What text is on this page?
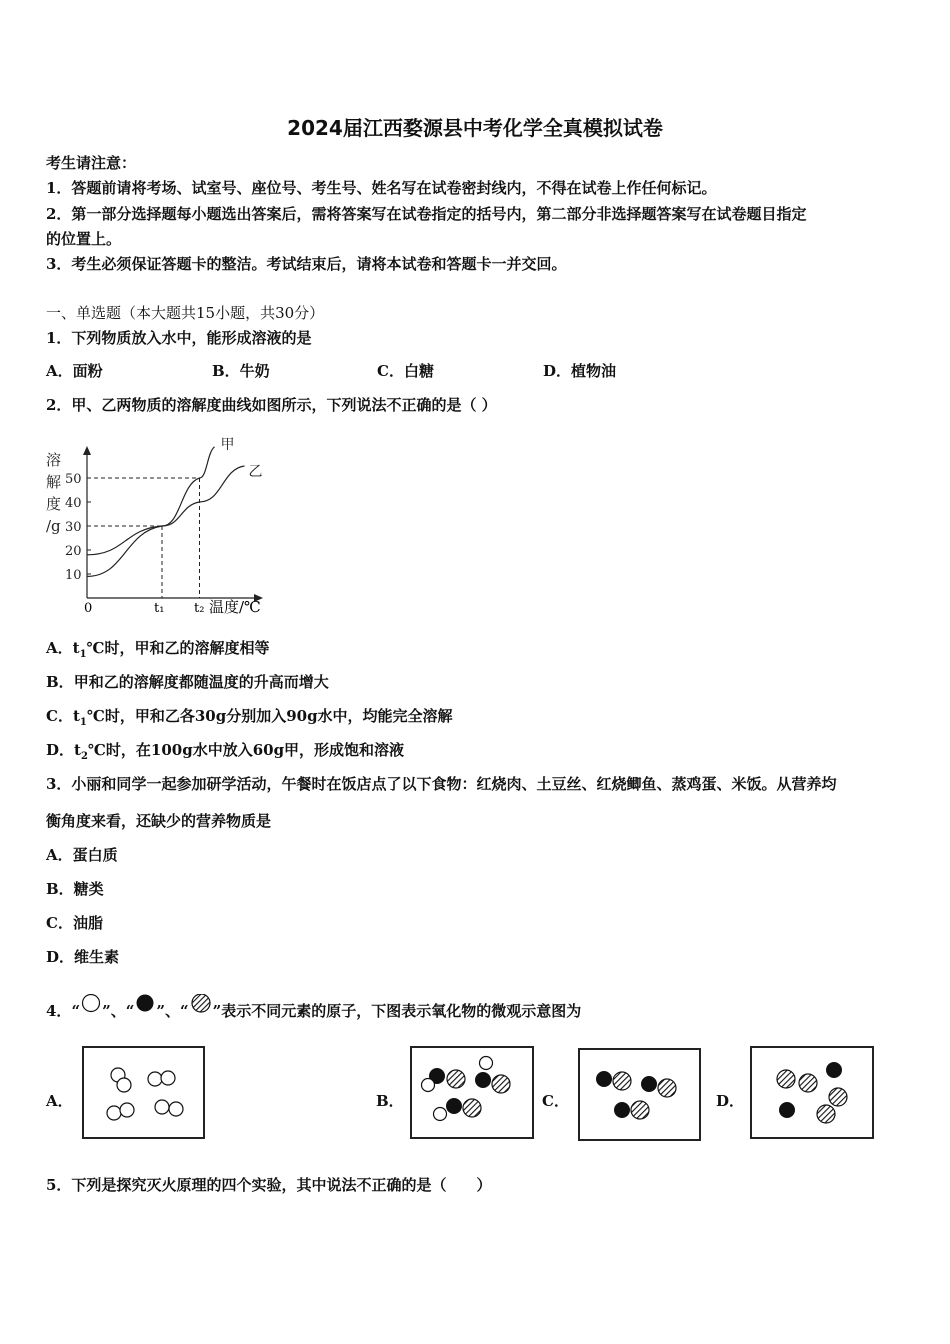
2024届江西婺源县中考化学全真模拟试卷
考生请注意：
1．答题前请将考场、试室号、座位号、考生号、姓名写在试卷密封线内，不得在试卷上作任何标记。
2．第一部分选择题每小题选出答案后，需将答案写在试卷指定的括号内，第二部分非选择题答案写在试卷题目指定
的位置上。
3．考生必须保证答题卡的整洁。考试结束后，请将本试卷和答题卡一并交回。
一、单选题（本大题共15小题，共30分）
1．下列物质放入水中，能形成溶液的是
A．面粉	B．牛奶	C．白糖	D．植物油
2．甲、乙两物质的溶解度曲线如图所示，下列说法不正确的是（ ）
溶
解
度
/g
10
20
30
40
50
甲
乙
0	t₁ t₂ 温度/℃
A．$t_1℃$时，甲和乙的溶解度相等
B．甲和乙的溶解度都随温度的升高而增大
C．$t_1℃$时，甲和乙各30g分别加入90g水中，均能完全溶解
D．$t_2℃$时，在100g水中放入60g甲，形成饱和溶液
3．小丽和同学一起参加研学活动，午餐时在饭店点了以下食物：红烧肉、土豆丝、红烧鲫鱼、蒸鸡蛋、米饭。从营养均
衡角度来看，还缺少的营养物质是
A．蛋白质
B．糖类
C．油脂
D．维生素
4．“ ”、“ ”、“ ”表示不同元素的原子，下图表示氧化物的微观示意图为
A．	B．	C．	D．
5．下列是探究灭火原理的四个实验，其中说法不正确的是（　　）
